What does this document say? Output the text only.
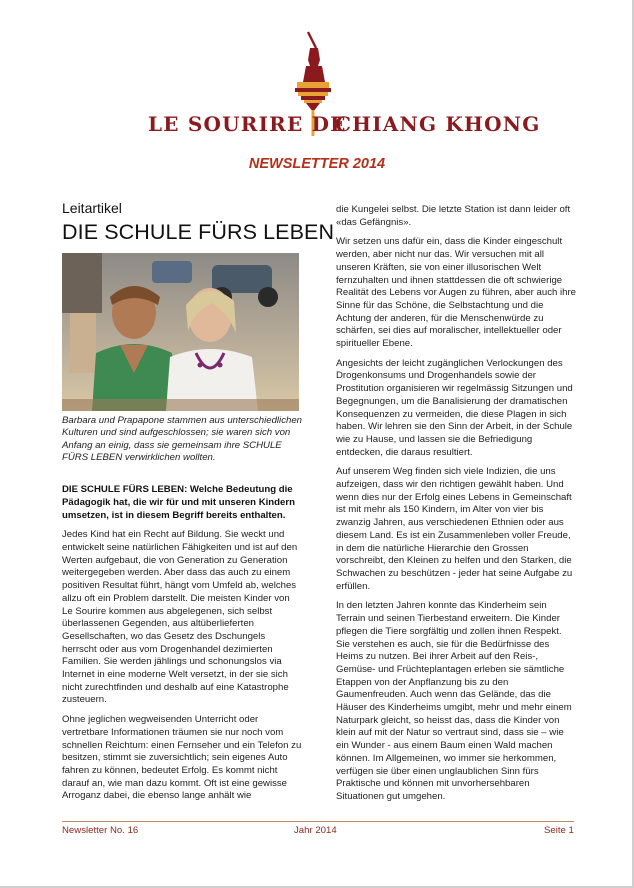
LE SOURIRE DE
CHIANG KHONG
NEWSLETTER 2014
Leitartikel
DIE SCHULE FÜRS LEBEN
Barbara und Prapapone stammen aus unterschiedlichen Kulturen und sind aufgeschlossen; sie waren sich von Anfang an einig, dass sie gemeinsam ihre SCHULE FÜRS LEBEN verwirklichen wollten.
DIE SCHULE FÜRS LEBEN: Welche Bedeutung die Pädagogik hat, die wir für und mit unseren Kindern umsetzen, ist in diesem Begriff bereits enthalten.
Jedes Kind hat ein Recht auf Bildung. Sie weckt und entwickelt seine natürlichen Fähigkeiten und ist auf den Werten aufgebaut, die von Generation zu Generation weitergegeben werden. Aber dass das auch zu einem positiven Resultat führt, hängt vom Umfeld ab, welches allzu oft ein Problem darstellt. Die meisten Kinder von Le Sourire kommen aus abgelegenen, sich selbst überlassenen Gegenden, aus altüberlieferten Gesellschaften, wo das Gesetz des Dschungels herrscht oder aus vom Drogenhandel dezimierten Familien. Sie werden jählings und schonungslos via Internet in eine moderne Welt versetzt, in der sie sich nicht zurechtfinden und deshalb auf eine Katastrophe zusteuern.
Ohne jeglichen wegweisenden Unterricht oder vertretbare Informationen träumen sie nur noch vom schnellen Reichtum: einen Fernseher und ein Telefon zu besitzen, stimmt sie zuversichtlich; sein eigenes Auto fahren zu können, bedeutet Erfolg. Es kommt nicht darauf an, wie man dazu kommt. Oft ist eine gewisse Arroganz dabei, die ebenso lange anhält wie
die Kungelei selbst. Die letzte Station ist dann leider oft «das Gefängnis».
Wir setzen uns dafür ein, dass die Kinder eingeschult werden, aber nicht nur das. Wir versuchen mit all unseren Kräften, sie von einer illusorischen Welt fernzuhalten und ihnen stattdessen die oft schwierige Realität des Lebens vor Augen zu führen, aber auch ihre Sinne für das Schöne, die Selbstachtung und die Achtung der anderen, für die Menschenwürde zu schärfen, sei dies auf moralischer, intellektueller oder spiritueller Ebene.
Angesichts der leicht zugänglichen Verlockungen des Drogenkonsums und Drogenhandels sowie der Prostitution organisieren wir regelmässig Sitzungen und Begegnungen, um die Banalisierung der dramatischen Konsequenzen zu vermeiden, die diese Plagen in sich haben. Wir lehren sie den Sinn der Arbeit, in der Schule wie zu Hause, und lassen sie die Befriedigung entdecken, die daraus resultiert.
Auf unserem Weg finden sich viele Indizien, die uns aufzeigen, dass wir den richtigen gewählt haben. Und wenn dies nur der Erfolg eines Lebens in Gemeinschaft ist mit mehr als 150 Kindern, im Alter von vier bis zwanzig Jahren, aus verschiedenen Ethnien oder aus diesem Land. Es ist ein Zusammenleben voller Freude, in dem die natürliche Hierarchie den Grossen vorschreibt, den Kleinen zu helfen und den Starken, die Schwachen zu beschützen - jeder hat seine Aufgabe zu erfüllen.
In den letzten Jahren konnte das Kinderheim sein Terrain und seinen Tierbestand erweitern. Die Kinder pflegen die Tiere sorgfältig und zollen ihnen Respekt. Sie verstehen es auch, sie für die Bedürfnisse des Heims zu nutzen. Bei ihrer Arbeit auf den Reis-, Gemüse- und Früchteplantagen erleben sie sämtliche Etappen von der Anpflanzung bis zu den Gaumenfreuden. Auch wenn das Gelände, das die Häuser des Kinderheims umgibt, mehr und mehr einem Naturpark gleicht, so heisst das, dass die Kinder von klein auf mit der Natur so vertraut sind, dass sie – wie ein Wunder - aus einem Baum einen Wald machen können. Im Allgemeinen, wo immer sie herkommen, verfügen sie über einen unglaublichen Sinn fürs Praktische und können mit unvorhersehbaren Situationen gut umgehen.
Newsletter No. 16	Jahr 2014	Seite 1
